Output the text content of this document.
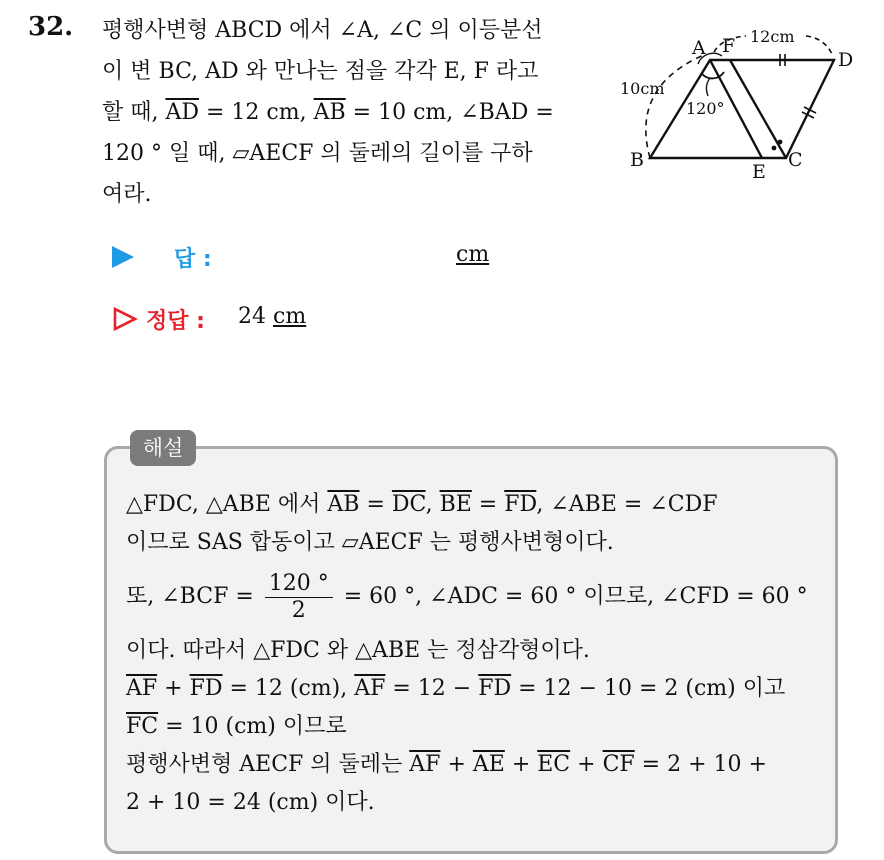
32. 평행사변형 ABCD 에서 ∠A, ∠C 의 이등분선
이 변 BC, AD 와 만나는 점을 각각 E, F 라고
할 때, $\overline{AD} = 12$ cm, $\overline{AB} = 10$ cm, ∠BAD =
120 ° 일 때, ▱AECF 의 둘레의 길이를 구하
여라.
A F
D
B
E
C
12cm
10cm
120°
답 :	cm
정답 : 24 cm
해설
△FDC, △ABE 에서 $\overline{AB} = \overline{DC}$, $\overline{BE} = \overline{FD}$, ∠ABE = ∠CDF
이므로 SAS 합동이고 ▱AECF 는 평행사변형이다.
또, ∠BCF = $\frac{120 ^\circ}{2} = 60$ °, ∠ADC = 60 ° 이므로, ∠CFD = 60 °
이다. 따라서 △FDC 와 △ABE 는 정삼각형이다.
$\overline{AF} + \overline{FD} = 12$ (cm), $\overline{AF} = 12 - \overline{FD} = 12 - 10 = 2$ (cm) 이고
$\overline{FC} = 10$ (cm) 이므로
평행사변형 AECF 의 둘레는 $\overline{AF} + \overline{AE} + \overline{EC} + \overline{CF} = 2 + 10$ +
2 + 10 = 24 (cm) 이다.
